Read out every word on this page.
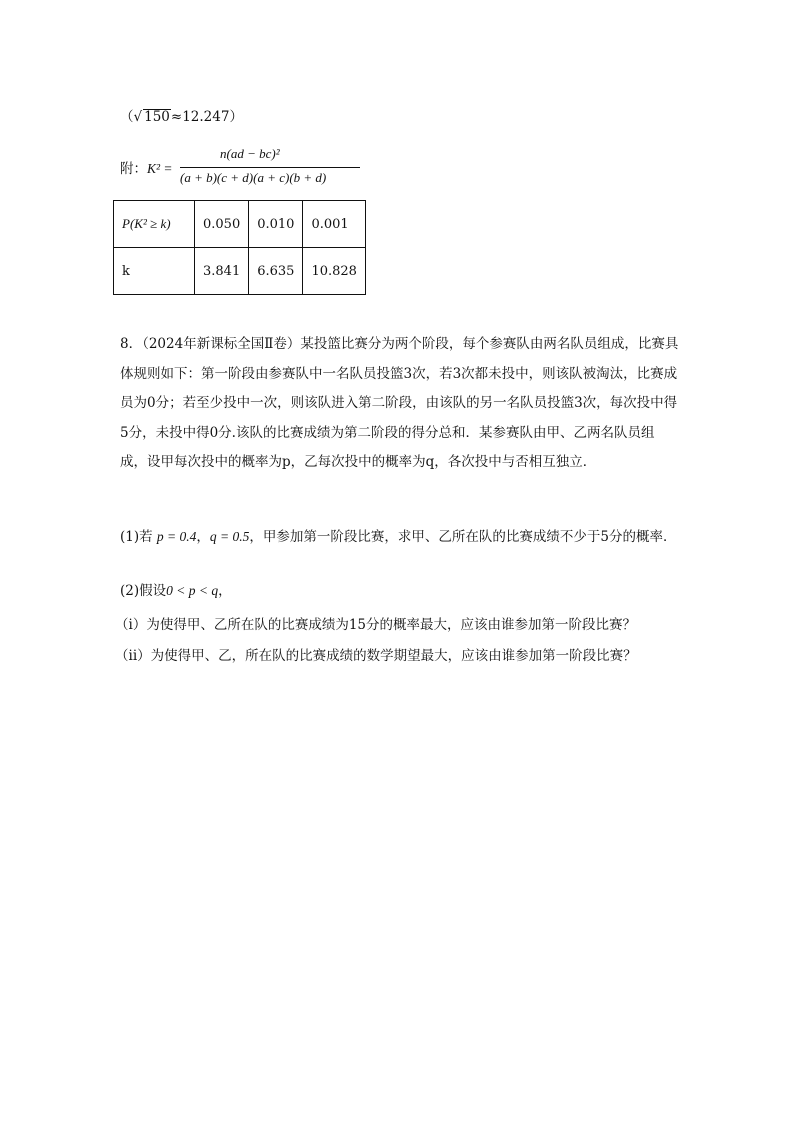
（√ 150≈12.247）
附：K² =
n(ad − bc)²
(a + b)(c + d)(a + c)(b + d)
P(K² ≥ k)	0.050	0.010	0.001
k	3.841	6.635	10.828
8．（2024年新课标全国Ⅱ卷）某投篮比赛分为两个阶段，每个参赛队由两名队员组成，比赛具体规则如下：第一阶段由参赛队中一名队员投篮3次，若3次都未投中，则该队被淘汰，比赛成员为0分；若至少投中一次，则该队进入第二阶段，由该队的另一名队员投篮3次，每次投中得5分，未投中得0分.该队的比赛成绩为第二阶段的得分总和．某参赛队由甲、乙两名队员组成，设甲每次投中的概率为p，乙每次投中的概率为q，各次投中与否相互独立．
(1)若 p = 0.4，q = 0.5，甲参加第一阶段比赛，求甲、乙所在队的比赛成绩不少于5分的概率．
(2)假设0 < p < q，
（i）为使得甲、乙所在队的比赛成绩为15分的概率最大，应该由谁参加第一阶段比赛？
（ii）为使得甲、乙，所在队的比赛成绩的数学期望最大，应该由谁参加第一阶段比赛？
